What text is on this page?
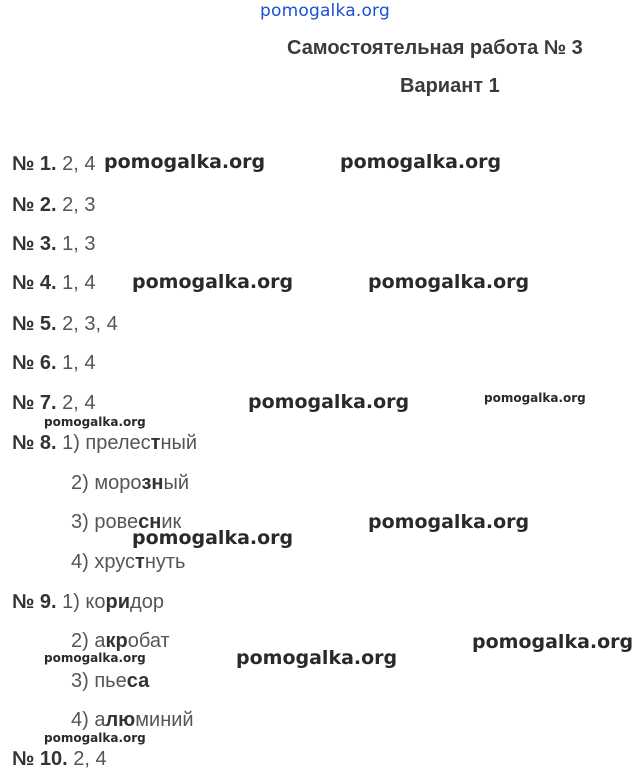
pomogalka.org
Самостоятельная работа № 3
Вариант 1
№ 1. 2, 4
№ 2. 2, 3
№ 3. 1, 3
№ 4. 1, 4
№ 5. 2, 3, 4
№ 6. 1, 4
№ 7. 2, 4
№ 8. 1) прелестный
2) морозный
3) ровесник
4) хрустнуть
№ 9. 1) коридор
2) акробат
3) пьеса
4) алюминий
№ 10. 2, 4
pomogalka.org	pomogalka.org
pomogalka.org	pomogalka.org
pomogalka.org	pomogalka.org
pomogalka.org
pomogalka.org
pomogalka.org
pomogalka.org
pomogalka.org	pomogalka.org
pomogalka.org
